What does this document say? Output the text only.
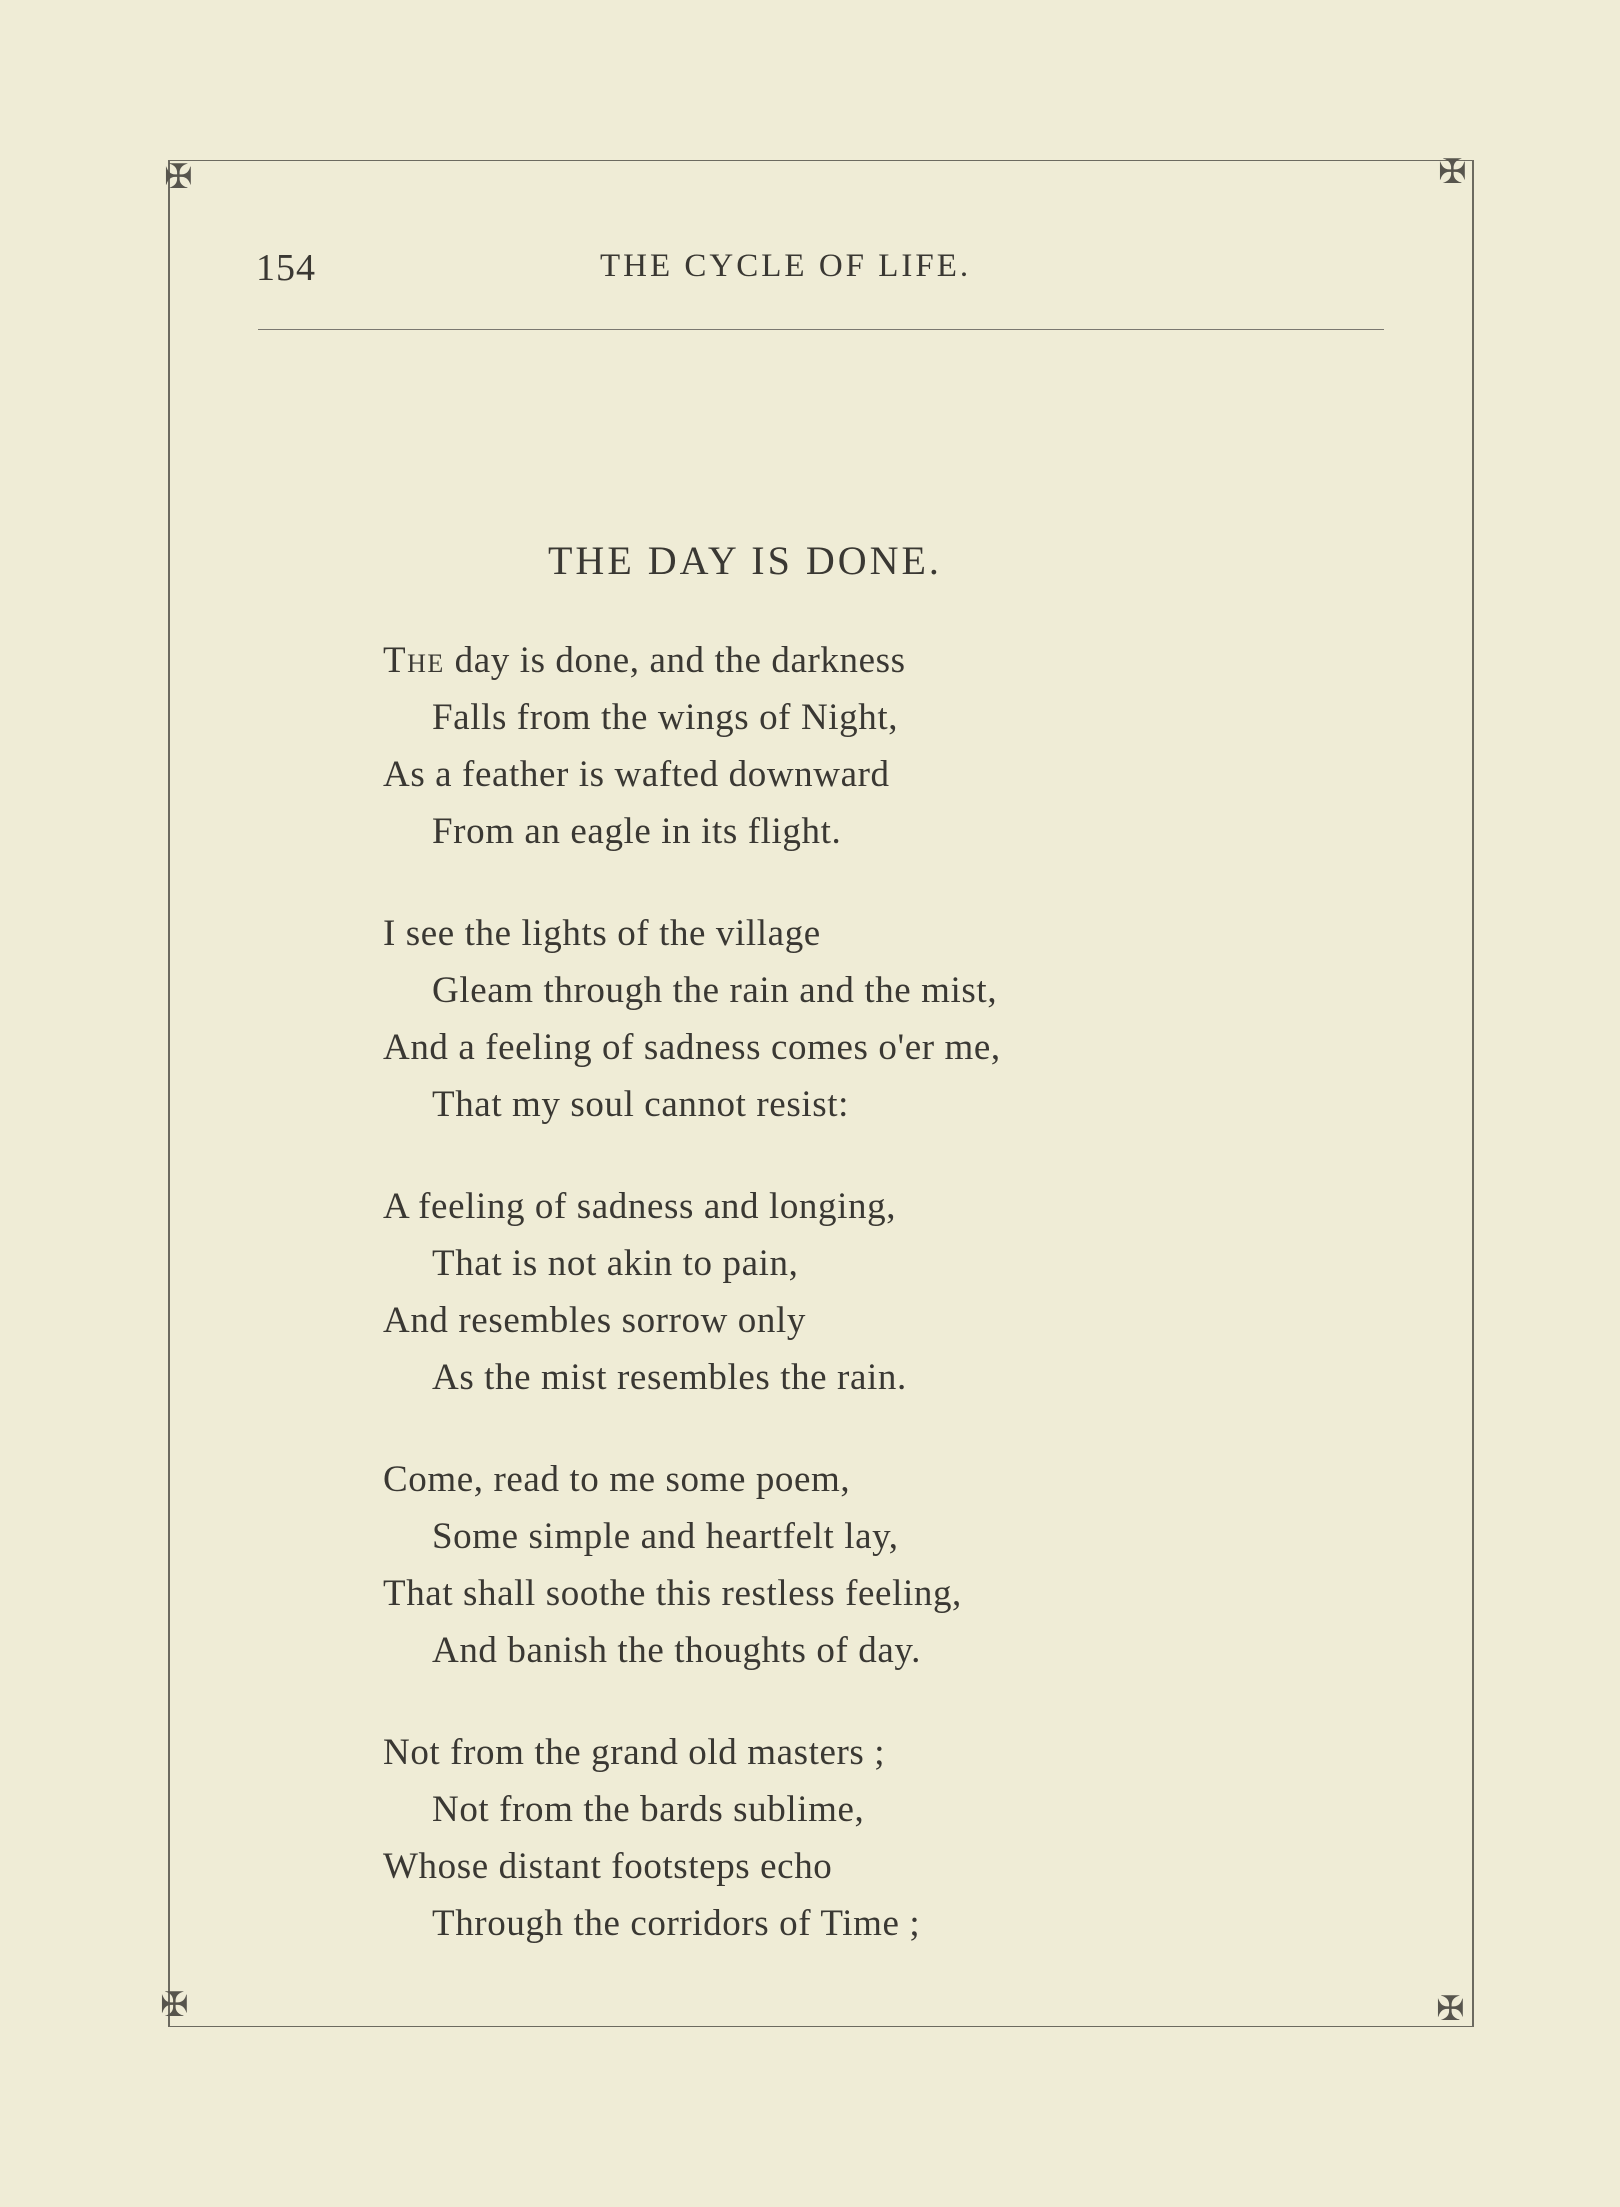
✠	✠
✠	✠
154	THE CYCLE OF LIFE.
THE DAY IS DONE.
The day is done, and the darkness
Falls from the wings of Night,
As a feather is wafted downward
From an eagle in its flight.
I see the lights of the village
Gleam through the rain and the mist,
And a feeling of sadness comes o'er me,
That my soul cannot resist:
A feeling of sadness and longing,
That is not akin to pain,
And resembles sorrow only
As the mist resembles the rain.
Come, read to me some poem,
Some simple and heartfelt lay,
That shall soothe this restless feeling,
And banish the thoughts of day.
Not from the grand old masters ;
Not from the bards sublime,
Whose distant footsteps echo
Through the corridors of Time ;
